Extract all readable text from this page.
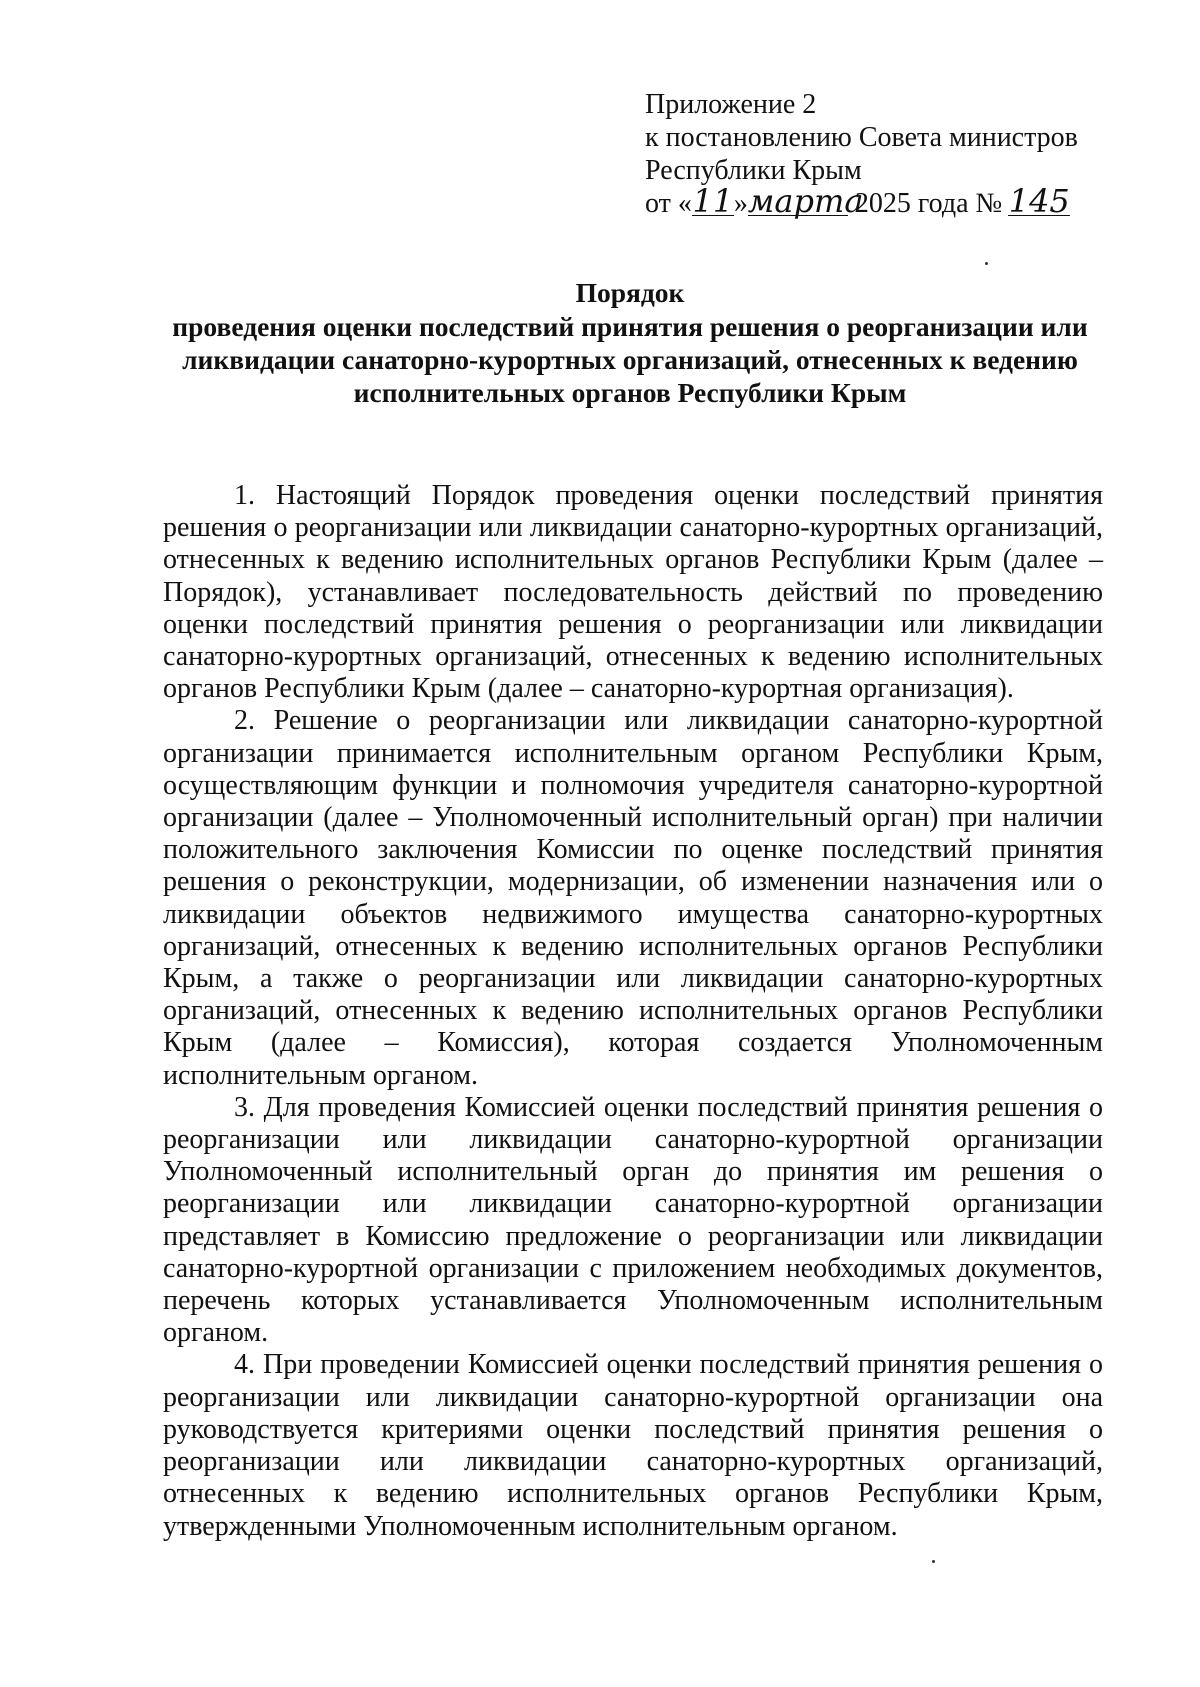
Приложение 2
к постановлению Совета министров
Республики Крым
от «11»марта 2025 года № 145
Порядок
проведения оценки последствий принятия решения о реорганизации или ликвидации санаторно-курортных организаций, отнесенных к ведению исполнительных органов Республики Крым

1. Настоящий Порядок проведения оценки последствий принятия решения о реорганизации или ликвидации санаторно-курортных организаций, отнесенных к ведению исполнительных органов Республики Крым (далее – Порядок), устанавливает последовательность действий по проведению оценки последствий принятия решения о реорганизации или ликвидации санаторно-курортных организаций, отнесенных к ведению исполнительных органов Республики Крым (далее – санаторно-курортная организация).

2. Решение о реорганизации или ликвидации санаторно-курортной организации принимается исполнительным органом Республики Крым, осуществляющим функции и полномочия учредителя санаторно-курортной организации (далее – Уполномоченный исполнительный орган) при наличии положительного заключения Комиссии по оценке последствий принятия решения о реконструкции, модернизации, об изменении назначения или о ликвидации объектов недвижимого имущества санаторно-курортных организаций, отнесенных к ведению исполнительных органов Республики Крым, а также о реорганизации или ликвидации санаторно-курортных организаций, отнесенных к ведению исполнительных органов Республики Крым (далее – Комиссия), которая создается Уполномоченным исполнительным органом.

3. Для проведения Комиссией оценки последствий принятия решения о реорганизации или ликвидации санаторно-курортной организации Уполномоченный исполнительный орган до принятия им решения о реорганизации или ликвидации санаторно-курортной организации представляет в Комиссию предложение о реорганизации или ликвидации санаторно-курортной организации с приложением необходимых документов, перечень которых устанавливается Уполномоченным исполнительным органом.

4. При проведении Комиссией оценки последствий принятия решения о реорганизации или ликвидации санаторно-курортной организации она руководствуется критериями оценки последствий принятия решения о реорганизации или ликвидации санаторно-курортных организаций, отнесенных к ведению исполнительных органов Республики Крым, утвержденными Уполномоченным исполнительным органом.
